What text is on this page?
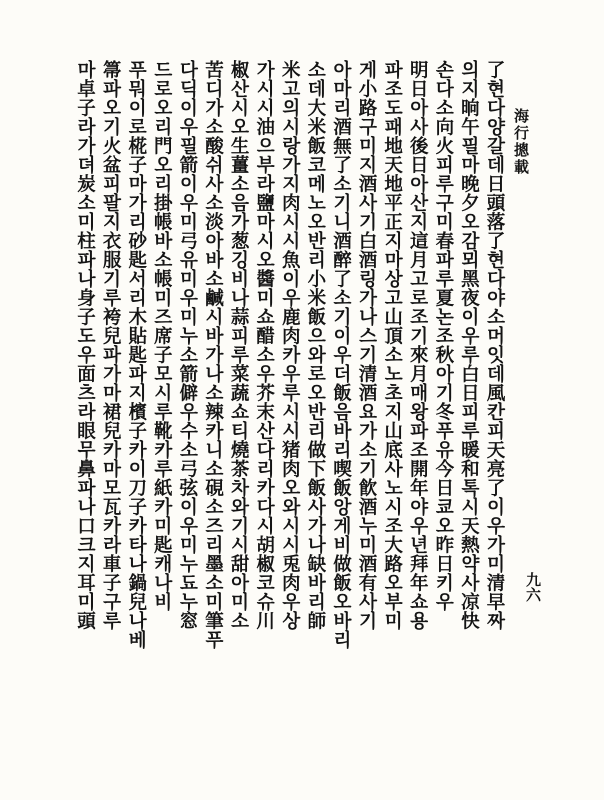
海行摠載
九六
了현다양갈데日頭落了현다야소머잇데風칸피天亮了이우가미清早짜
의지晌午필마晚夕오감뫼黑夜이우루白日피루暖和톡시天熱약사凉快
손다소向火피루구미春파루夏논조秋아기冬푸유今日쿄오昨日키우
明日아사後日아산지這月고로조기來月매왕파조開年야우년拜年쇼용
파조도패地天地平正지마상고山頂소노초지山底사노시조大路오부미
게小路구미지酒사기白酒링가나스기清酒요가소기飮酒누미酒有사기
아마리酒無了소기니酒醉了소기이우더飯음바리喫飯앙게비做飯오바리
소데大米飯코메노오반리小米飯으와로오반리做下飯사가나缺바리師
米고의시랑가지肉시시魚이우鹿肉카우루시시猪肉오와시시兎肉우상
가시시油으부라鹽마시오醬미쇼醋소우芥末산다리카다시胡椒코슈川
椒산시오生薑소음가葱깅비나蒜피루菜蔬쇼티燒茶차와기시甜아미소
苦디가소酸쉬사소淡아바소鹹시바가나소辣카니소硯소즈리墨소미筆푸
다딕이우필箭이우미弓유미우미누소箭僻우수소弓弦이우미누됴누窓
드로오리門오리掛帳바소帳미즈席子모시루靴카루紙카미匙캐나비
푸뭐이로椛子마가리砂匙서리木貼匙파지檳子카이刀子카타나鍋兒나베
箒파오기火盆피팔지衣服기루袴兒파가마裙兒카마모瓦카라車子구루
마卓子라가뎌炭소미柱파나身子도우面츠라眼무鼻파나口크지耳미頭
